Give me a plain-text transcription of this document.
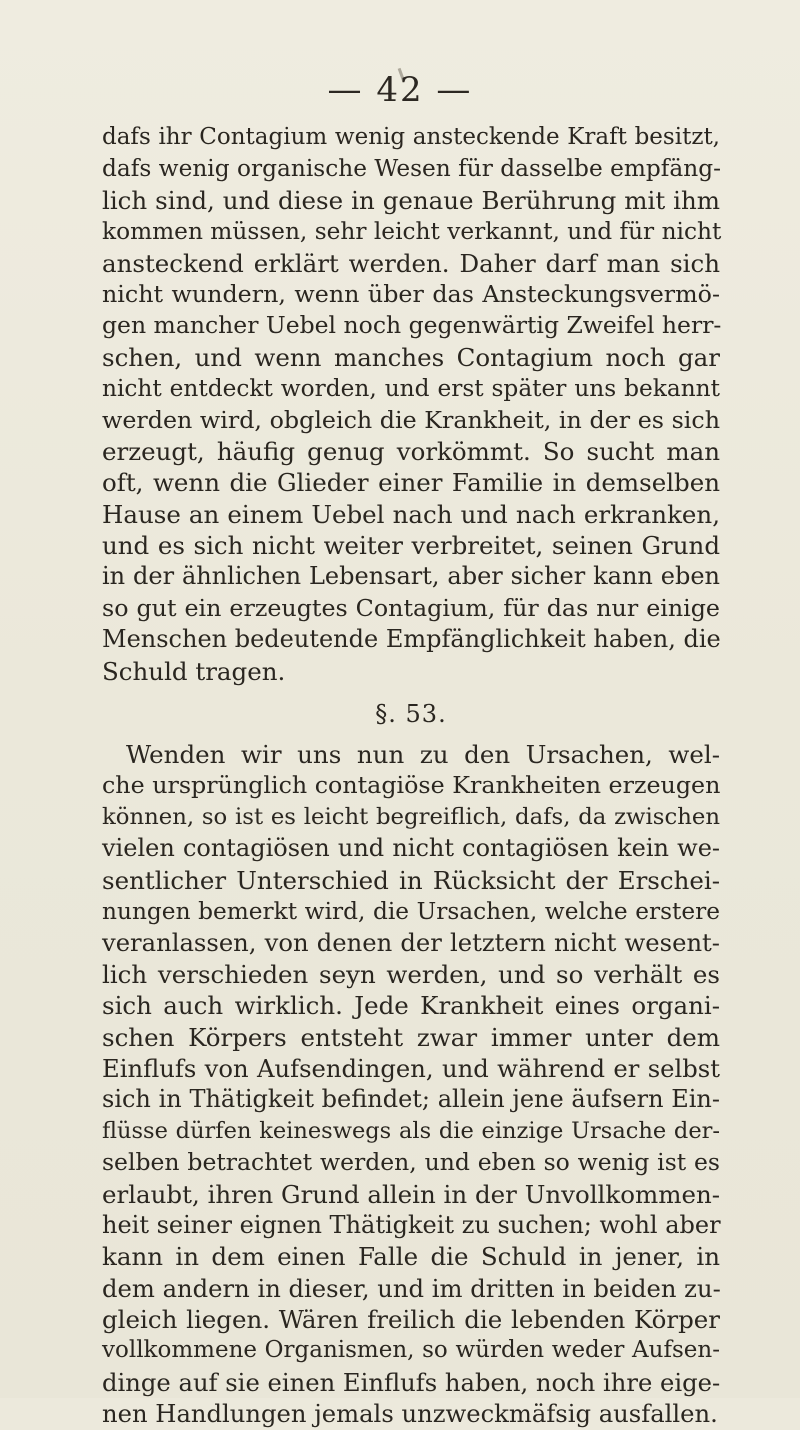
— 42 —
dafs ihr Contagium wenig ansteckende Kraft besitzt,
dafs wenig organische Wesen für dasselbe empfäng-
lich sind, und diese in genaue Berührung mit ihm
kommen müssen, sehr leicht verkannt, und für nicht
ansteckend erklärt werden. Daher darf man sich
nicht wundern, wenn über das Ansteckungsvermö-
gen mancher Uebel noch gegenwärtig Zweifel herr-
schen, und wenn manches Contagium noch gar
nicht entdeckt worden, und erst später uns bekannt
werden wird, obgleich die Krankheit, in der es sich
erzeugt, häufig genug vorkömmt. So sucht man
oft, wenn die Glieder einer Familie in demselben
Hause an einem Uebel nach und nach erkranken,
und es sich nicht weiter verbreitet, seinen Grund
in der ähnlichen Lebensart, aber sicher kann eben
so gut ein erzeugtes Contagium, für das nur einige
Menschen bedeutende Empfänglichkeit haben, die
Schuld tragen.
§. 53.
Wenden wir uns nun zu den Ursachen, wel-
che ursprünglich contagiöse Krankheiten erzeugen
können, so ist es leicht begreiflich, dafs, da zwischen
vielen contagiösen und nicht contagiösen kein we-
sentlicher Unterschied in Rücksicht der Erschei-
nungen bemerkt wird, die Ursachen, welche erstere
veranlassen, von denen der letztern nicht wesent-
lich verschieden seyn werden, und so verhält es
sich auch wirklich. Jede Krankheit eines organi-
schen Körpers entsteht zwar immer unter dem
Einflufs von Aufsendingen, und während er selbst
sich in Thätigkeit befindet; allein jene äufsern Ein-
flüsse dürfen keineswegs als die einzige Ursache der-
selben betrachtet werden, und eben so wenig ist es
erlaubt, ihren Grund allein in der Unvollkommen-
heit seiner eignen Thätigkeit zu suchen; wohl aber
kann in dem einen Falle die Schuld in jener, in
dem andern in dieser, und im dritten in beiden zu-
gleich liegen. Wären freilich die lebenden Körper
vollkommene Organismen, so würden weder Aufsen-
dinge auf sie einen Einflufs haben, noch ihre eige-
nen Handlungen jemals unzweckmäfsig ausfallen.
